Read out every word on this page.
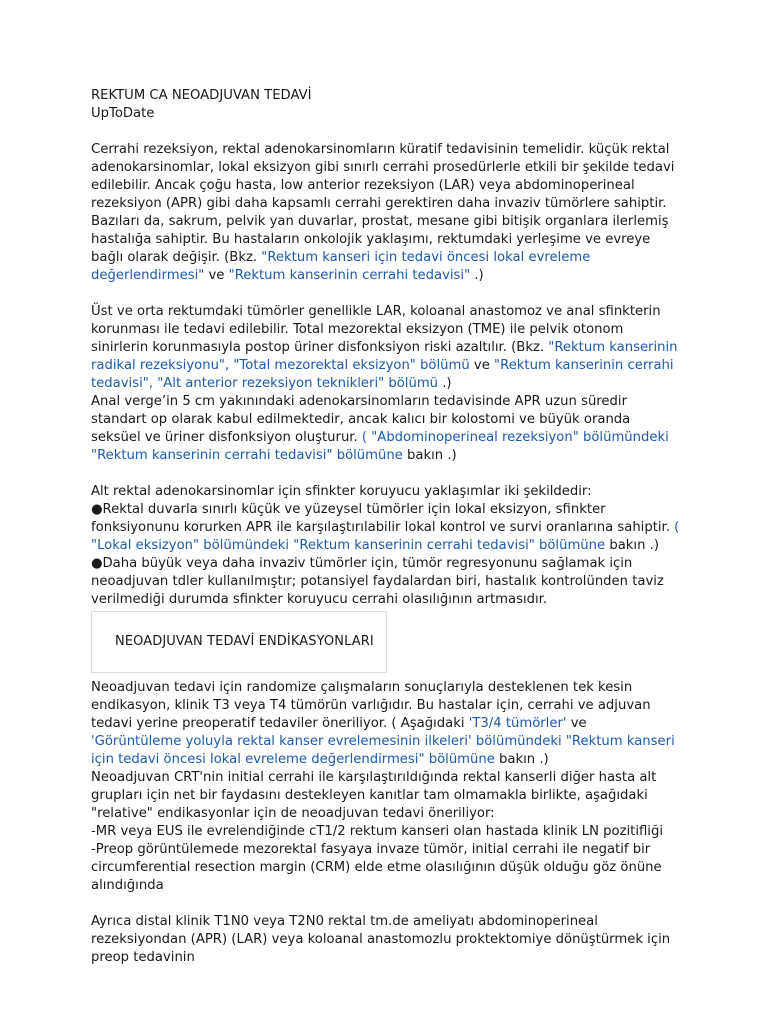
REKTUM CA NEOADJUVAN TEDAVİ

UpToDate

Cerrahi rezeksiyon, rektal adenokarsinomların küratif tedavisinin temelidir. küçük rektal adenokarsinomlar, lokal eksizyon gibi sınırlı cerrahi prosedürlerle etkili bir şekilde tedavi edilebilir. Ancak çoğu hasta, low anterior rezeksiyon (LAR) veya abdominoperineal rezeksiyon (APR) gibi daha kapsamlı cerrahi gerektiren daha invaziv tümörlere sahiptir. Bazıları da, sakrum, pelvik yan duvarlar, prostat, mesane gibi bitişik organlara ilerlemiş hastalığa sahiptir. Bu hastaların onkolojik yaklaşımı, rektumdaki yerleşime ve evreye bağlı olarak değişir. (Bkz. "Rektum kanseri için tedavi öncesi lokal evreleme değerlendirmesi" ve "Rektum kanserinin cerrahi tedavisi" .)

Üst ve orta rektumdaki tümörler genellikle LAR, koloanal anastomoz ve anal sfinkterin korunması ile tedavi edilebilir. Total mezorektal eksizyon (TME) ile pelvik otonom sinirlerin korunmasıyla postop üriner disfonksiyon riski azaltılır. (Bkz. "Rektum kanserinin radikal rezeksiyonu", "Total mezorektal eksizyon" bölümü ve "Rektum kanserinin cerrahi tedavisi", "Alt anterior rezeksiyon teknikleri" bölümü .)

Anal verge’in 5 cm yakınındaki adenokarsinomların tedavisinde APR uzun süredir standart op olarak kabul edilmektedir, ancak kalıcı bir kolostomi ve büyük oranda seksüel ve üriner disfonksiyon oluşturur. ( "Abdominoperineal rezeksiyon" bölümündeki "Rektum kanserinin cerrahi tedavisi" bölümüne bakın .)

Alt rektal adenokarsinomlar için sfinkter koruyucu yaklaşımlar iki şekildedir:

●Rektal duvarla sınırlı küçük ve yüzeysel tümörler için lokal eksizyon, sfinkter fonksiyonunu korurken APR ile karşılaştırılabilir lokal kontrol ve survi oranlarına sahiptir. ( "Lokal eksizyon" bölümündeki "Rektum kanserinin cerrahi tedavisi" bölümüne bakın .)

●Daha büyük veya daha invaziv tümörler için, tümör regresyonunu sağlamak için neoadjuvan tdler kullanılmıştır; potansiyel faydalardan biri, hastalık kontrolünden taviz verilmediği durumda sfinkter koruyucu cerrahi olasılığının artmasıdır.

NEOADJUVAN TEDAVİ ENDİKASYONLARI

Neoadjuvan tedavi için randomize çalışmaların sonuçlarıyla desteklenen tek kesin endikasyon, klinik T3 veya T4 tümörün varlığıdır. Bu hastalar için, cerrahi ve adjuvan tedavi yerine preoperatif tedaviler öneriliyor. ( Aşağıdaki 'T3/4 tümörler' ve 'Görüntüleme yoluyla rektal kanser evrelemesinin ilkeleri' bölümündeki "Rektum kanseri için tedavi öncesi lokal evreleme değerlendirmesi" bölümüne bakın .)

Neoadjuvan CRT'nin initial cerrahi ile karşılaştırıldığında rektal kanserli diğer hasta alt grupları için net bir faydasını destekleyen kanıtlar tam olmamakla birlikte, aşağıdaki "relative" endikasyonlar için de neoadjuvan tedavi öneriliyor:

-MR veya EUS ile evrelendiğinde cT1/2 rektum kanseri olan hastada klinik LN pozitifliği

-Preop görüntülemede mezorektal fasyaya invaze tümör, initial cerrahi ile negatif bir circumferential resection margin (CRM) elde etme olasılığının düşük olduğu göz önüne alındığında

Ayrıca distal klinik T1N0 veya T2N0 rektal tm.de ameliyatı abdominoperineal rezeksiyondan (APR) (LAR) veya koloanal anastomozlu proktektomiye dönüştürmek için preop tedavinin
